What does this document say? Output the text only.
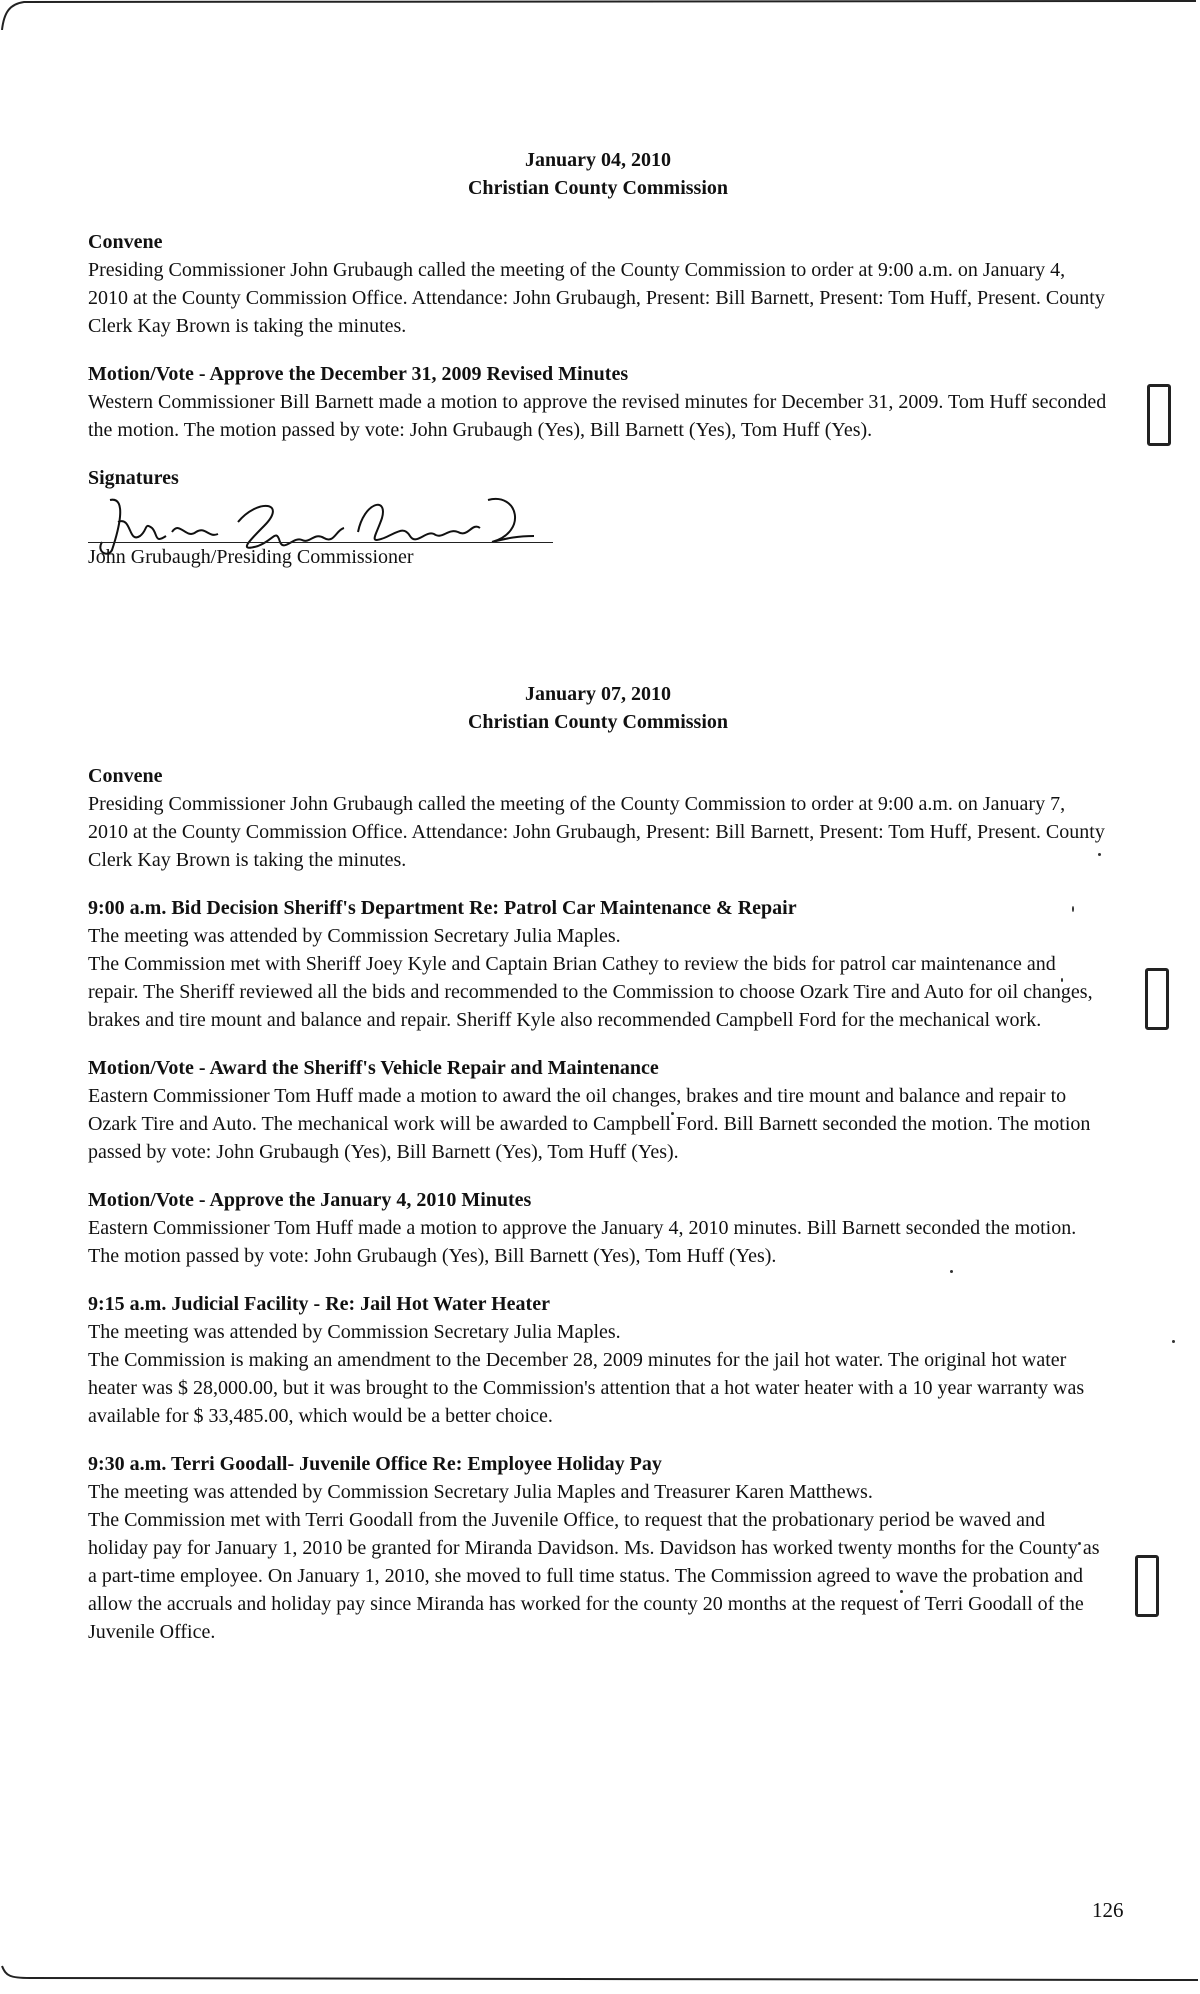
January 04, 2010
Christian County Commission
Convene

Presiding Commissioner John Grubaugh called the meeting of the County Commission to order at 9:00 a.m. on January 4, 2010 at the County Commission Office. Attendance: John Grubaugh, Present: Bill Barnett, Present: Tom Huff, Present. County Clerk Kay Brown is taking the minutes.

Motion/Vote - Approve the December 31, 2009 Revised Minutes

Western Commissioner Bill Barnett made a motion to approve the revised minutes for December 31, 2009. Tom Huff seconded the motion. The motion passed by vote: John Grubaugh (Yes), Bill Barnett (Yes), Tom Huff (Yes).

Signatures
John Grubaugh/Presiding Commissioner
January 07, 2010
Christian County Commission
Convene

Presiding Commissioner John Grubaugh called the meeting of the County Commission to order at 9:00 a.m. on January 7, 2010 at the County Commission Office. Attendance: John Grubaugh, Present: Bill Barnett, Present: Tom Huff, Present. County Clerk Kay Brown is taking the minutes.

9:00 a.m. Bid Decision Sheriff's Department Re: Patrol Car Maintenance & Repair

The meeting was attended by Commission Secretary Julia Maples.

The Commission met with Sheriff Joey Kyle and Captain Brian Cathey to review the bids for patrol car maintenance and repair. The Sheriff reviewed all the bids and recommended to the Commission to choose Ozark Tire and Auto for oil changes, brakes and tire mount and balance and repair. Sheriff Kyle also recommended Campbell Ford for the mechanical work.

Motion/Vote - Award the Sheriff's Vehicle Repair and Maintenance

Eastern Commissioner Tom Huff made a motion to award the oil changes, brakes and tire mount and balance and repair to Ozark Tire and Auto. The mechanical work will be awarded to Campbell Ford. Bill Barnett seconded the motion. The motion passed by vote: John Grubaugh (Yes), Bill Barnett (Yes), Tom Huff (Yes).

Motion/Vote - Approve the January 4, 2010 Minutes

Eastern Commissioner Tom Huff made a motion to approve the January 4, 2010 minutes. Bill Barnett seconded the motion. The motion passed by vote: John Grubaugh (Yes), Bill Barnett (Yes), Tom Huff (Yes).

9:15 a.m. Judicial Facility - Re: Jail Hot Water Heater

The meeting was attended by Commission Secretary Julia Maples.

The Commission is making an amendment to the December 28, 2009 minutes for the jail hot water. The original hot water heater was $ 28,000.00, but it was brought to the Commission's attention that a hot water heater with a 10 year warranty was available for $ 33,485.00, which would be a better choice.

9:30 a.m. Terri Goodall- Juvenile Office Re: Employee Holiday Pay

The meeting was attended by Commission Secretary Julia Maples and Treasurer Karen Matthews.

The Commission met with Terri Goodall from the Juvenile Office, to request that the probationary period be waved and holiday pay for January 1, 2010 be granted for Miranda Davidson. Ms. Davidson has worked twenty months for the County as a part-time employee. On January 1, 2010, she moved to full time status. The Commission agreed to wave the probation and allow the accruals and holiday pay since Miranda has worked for the county 20 months at the request of Terri Goodall of the Juvenile Office.

126
